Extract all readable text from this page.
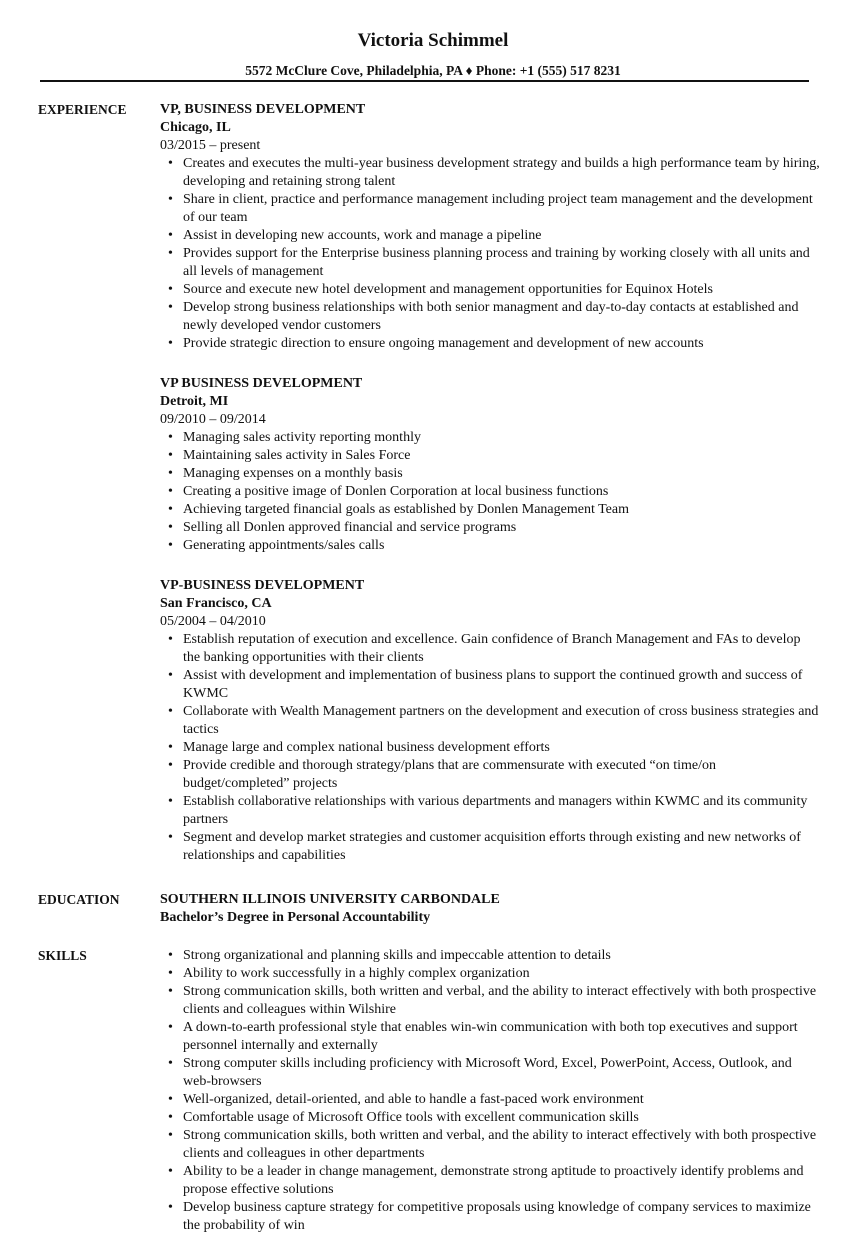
Victoria Schimmel
5572 McClure Cove, Philadelphia, PA ♦ Phone: +1 (555) 517 8231
EXPERIENCE VP, BUSINESS DEVELOPMENT
Chicago, IL
03/2015 – present
• Creates and executes the multi-year business development strategy and builds a high performance team by hiring, developing and retaining strong talent
• Share in client, practice and performance management including project team management and the development of our team
• Assist in developing new accounts, work and manage a pipeline
• Provides support for the Enterprise business planning process and training by working closely with all units and all levels of management
• Source and execute new hotel development and management opportunities for Equinox Hotels
• Develop strong business relationships with both senior managment and day-to-day contacts at established and newly developed vendor customers
• Provide strategic direction to ensure ongoing management and development of new accounts
VP BUSINESS DEVELOPMENT
Detroit, MI
09/2010 – 09/2014
• Managing sales activity reporting monthly
• Maintaining sales activity in Sales Force
• Managing expenses on a monthly basis
• Creating a positive image of Donlen Corporation at local business functions
• Achieving targeted financial goals as established by Donlen Management Team
• Selling all Donlen approved financial and service programs
• Generating appointments/sales calls
VP-BUSINESS DEVELOPMENT
San Francisco, CA
05/2004 – 04/2010
• Establish reputation of execution and excellence. Gain confidence of Branch Management and FAs to develop the banking opportunities with their clients
• Assist with development and implementation of business plans to support the continued growth and success of KWMC
• Collaborate with Wealth Management partners on the development and execution of cross business strategies and tactics
• Manage large and complex national business development efforts
• Provide credible and thorough strategy/plans that are commensurate with executed “on time/on budget/completed” projects
• Establish collaborative relationships with various departments and managers within KWMC and its community partners
• Segment and develop market strategies and customer acquisition efforts through existing and new networks of relationships and capabilities
EDUCATION	SOUTHERN ILLINOIS UNIVERSITY CARBONDALE
Bachelor’s Degree in Personal Accountability
SKILLS
•	Strong organizational and planning skills and impeccable attention to details
• Ability to work successfully in a highly complex organization
• Strong communication skills, both written and verbal, and the ability to interact effectively with both prospective clients and colleagues within Wilshire
• A down-to-earth professional style that enables win-win communication with both top executives and support personnel internally and externally
• Strong computer skills including proficiency with Microsoft Word, Excel, PowerPoint, Access, Outlook, and web-browsers
• Well-organized, detail-oriented, and able to handle a fast-paced work environment
• Comfortable usage of Microsoft Office tools with excellent communication skills
• Strong communication skills, both written and verbal, and the ability to interact effectively with both prospective clients and colleagues in other departments
• Ability to be a leader in change management, demonstrate strong aptitude to proactively identify problems and propose effective solutions
• Develop business capture strategy for competitive proposals using knowledge of company services to maximize the probability of win
